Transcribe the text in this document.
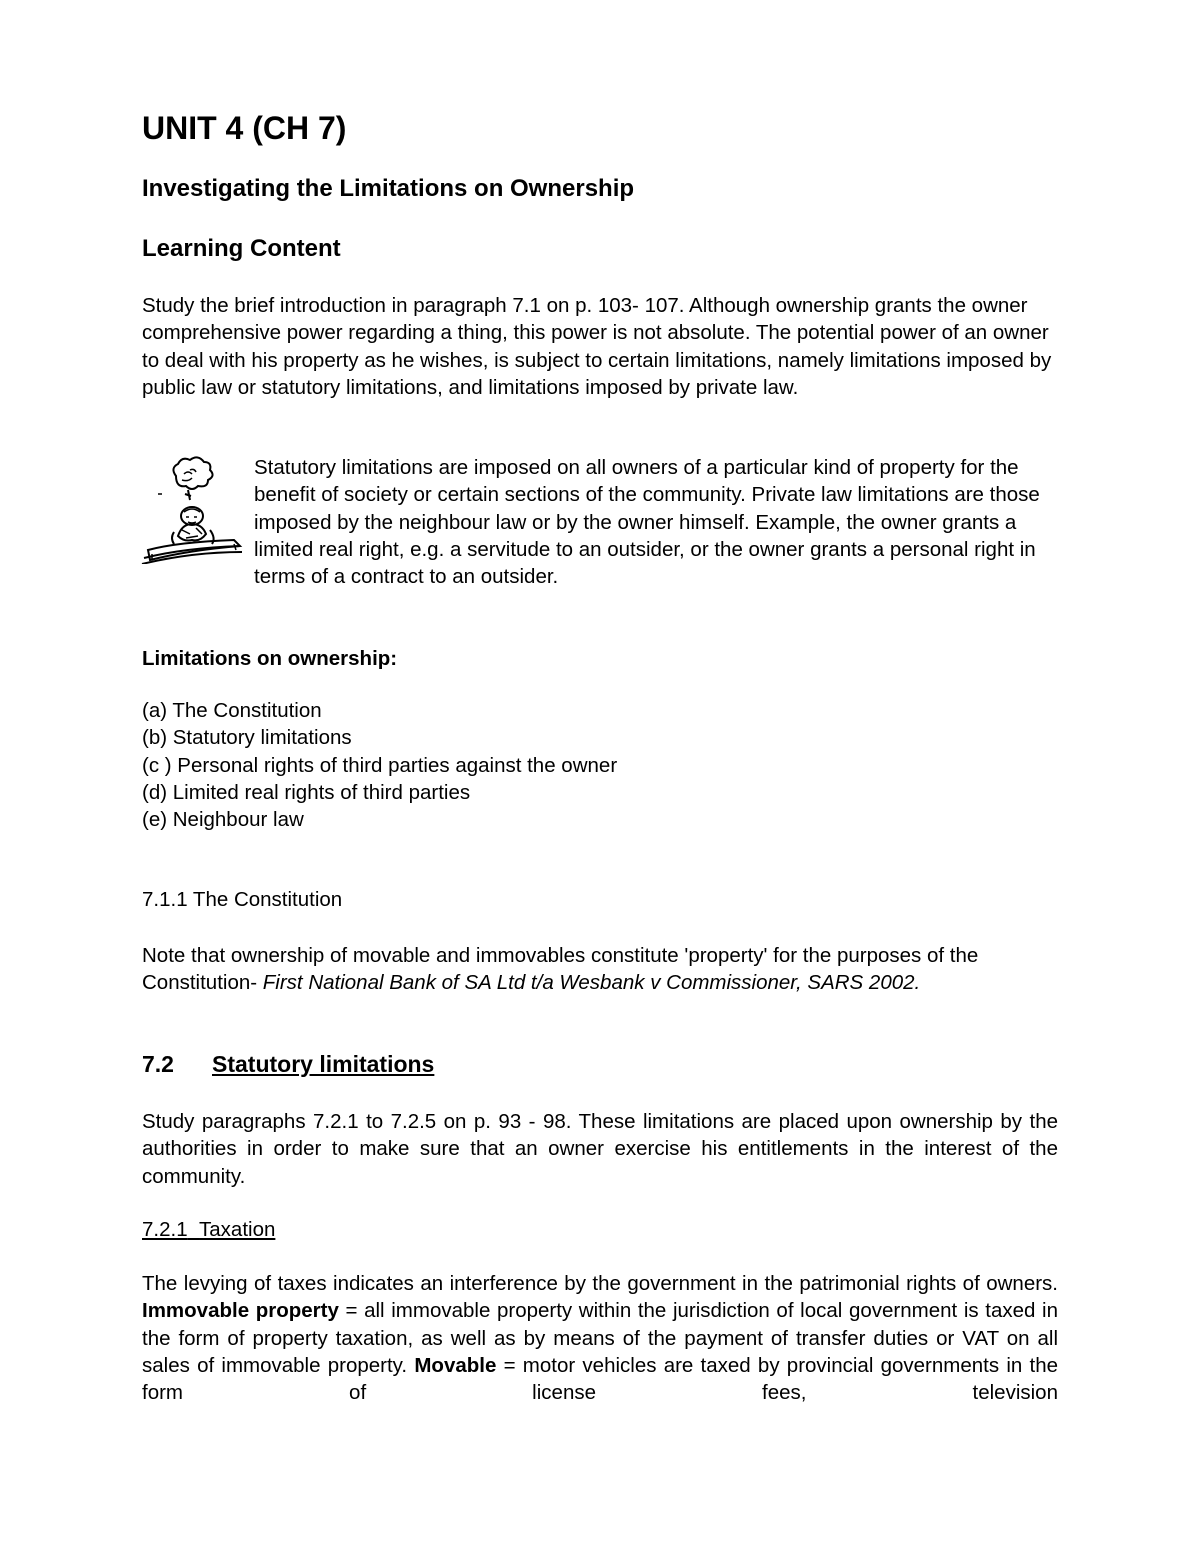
UNIT 4 (CH 7)
Investigating the Limitations on Ownership
Learning Content

Study the brief introduction in paragraph 7.1 on p. 103- 107. Although ownership grants the owner comprehensive power regarding a thing, this power is not absolute. The potential power of an owner to deal with his property as he wishes, is subject to certain limitations, namely limitations imposed by public law or statutory limitations, and limitations imposed by private law.

Statutory limitations are imposed on all owners of a particular kind of property for the benefit of society or certain sections of the community. Private law limitations are those imposed by the neighbour law or by the owner himself. Example, the owner grants a limited real right, e.g. a servitude to an outsider, or the owner grants a personal right in terms of a contract to an outsider.

Limitations on ownership:
(a) The Constitution
(b) Statutory limitations
(c ) Personal rights of third parties against the owner
(d) Limited real rights of third parties
(e) Neighbour law

7.1.1 The Constitution

Note that ownership of movable and immovables constitute 'property' for the purposes of the Constitution- First National Bank of SA Ltd t/a Wesbank v Commissioner, SARS 2002.

7.2 Statutory limitations

Study paragraphs 7.2.1 to 7.2.5 on p. 93 - 98. These limitations are placed upon ownership by the authorities in order to make sure that an owner exercise his entitlements in the interest of the community.

7.2.1 Taxation

The levying of taxes indicates an interference by the government in the patrimonial rights of owners. Immovable property = all immovable property within the jurisdiction of local government is taxed in the form of property taxation, as well as by means of the payment of transfer duties or VAT on all sales of immovable property. Movable = motor vehicles are taxed by provincial governments in the form of license fees, television
